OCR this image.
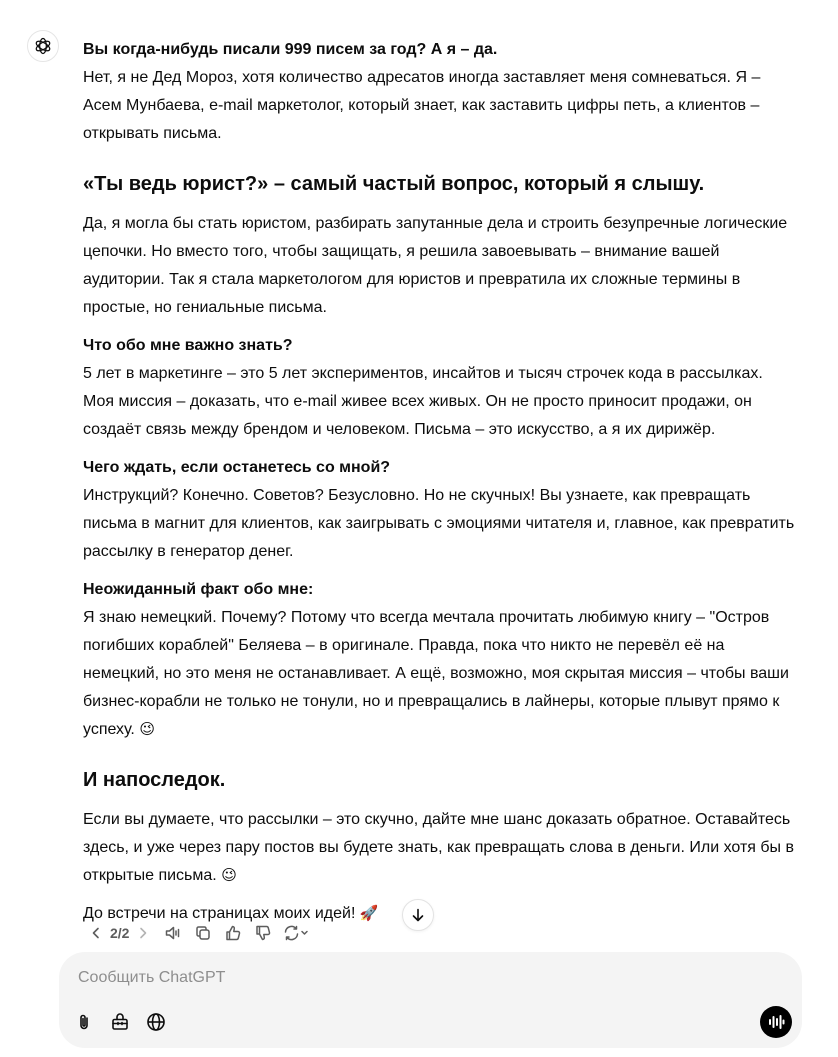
Вы когда-нибудь писали 999 писем за год? А я – да.

Нет, я не Дед Мороз, хотя количество адресатов иногда заставляет меня сомневаться. Я – Асем Мунбаева, e-mail маркетолог, который знает, как заставить цифры петь, а клиентов – открывать письма.

«Ты ведь юрист?» – самый частый вопрос, который я слышу.

Да, я могла бы стать юристом, разбирать запутанные дела и строить безупречные логические цепочки. Но вместо того, чтобы защищать, я решила завоевывать – внимание вашей аудитории. Так я стала маркетологом для юристов и превратила их сложные термины в простые, но гениальные письма.

Что обо мне важно знать?

5 лет в маркетинге – это 5 лет экспериментов, инсайтов и тысяч строчек кода в рассылках. Моя миссия – доказать, что e-mail живее всех живых. Он не просто приносит продажи, он создаёт связь между брендом и человеком. Письма – это искусство, а я их дирижёр.

Чего ждать, если останетесь со мной?

Инструкций? Конечно. Советов? Безусловно. Но не скучных! Вы узнаете, как превращать письма в магнит для клиентов, как заигрывать с эмоциями читателя и, главное, как превратить рассылку в генератор денег.

Неожиданный факт обо мне:

Я знаю немецкий. Почему? Потому что всегда мечтала прочитать любимую книгу – "Остров погибших кораблей" Беляева – в оригинале. Правда, пока что никто не перевёл её на немецкий, но это меня не останавливает. А ещё, возможно, моя скрытая миссия – чтобы ваши бизнес-корабли не только не тонули, но и превращались в лайнеры, которые плывут прямо к успеху. 😉

И напоследок.

Если вы думаете, что рассылки – это скучно, дайте мне шанс доказать обратное. Оставайтесь здесь, и уже через пару постов вы будете знать, как превращать слова в деньги. Или хотя бы в открытые письма. 😉

До встречи на страницах моих идей! 🚀

2/2
Сообщить ChatGPT
